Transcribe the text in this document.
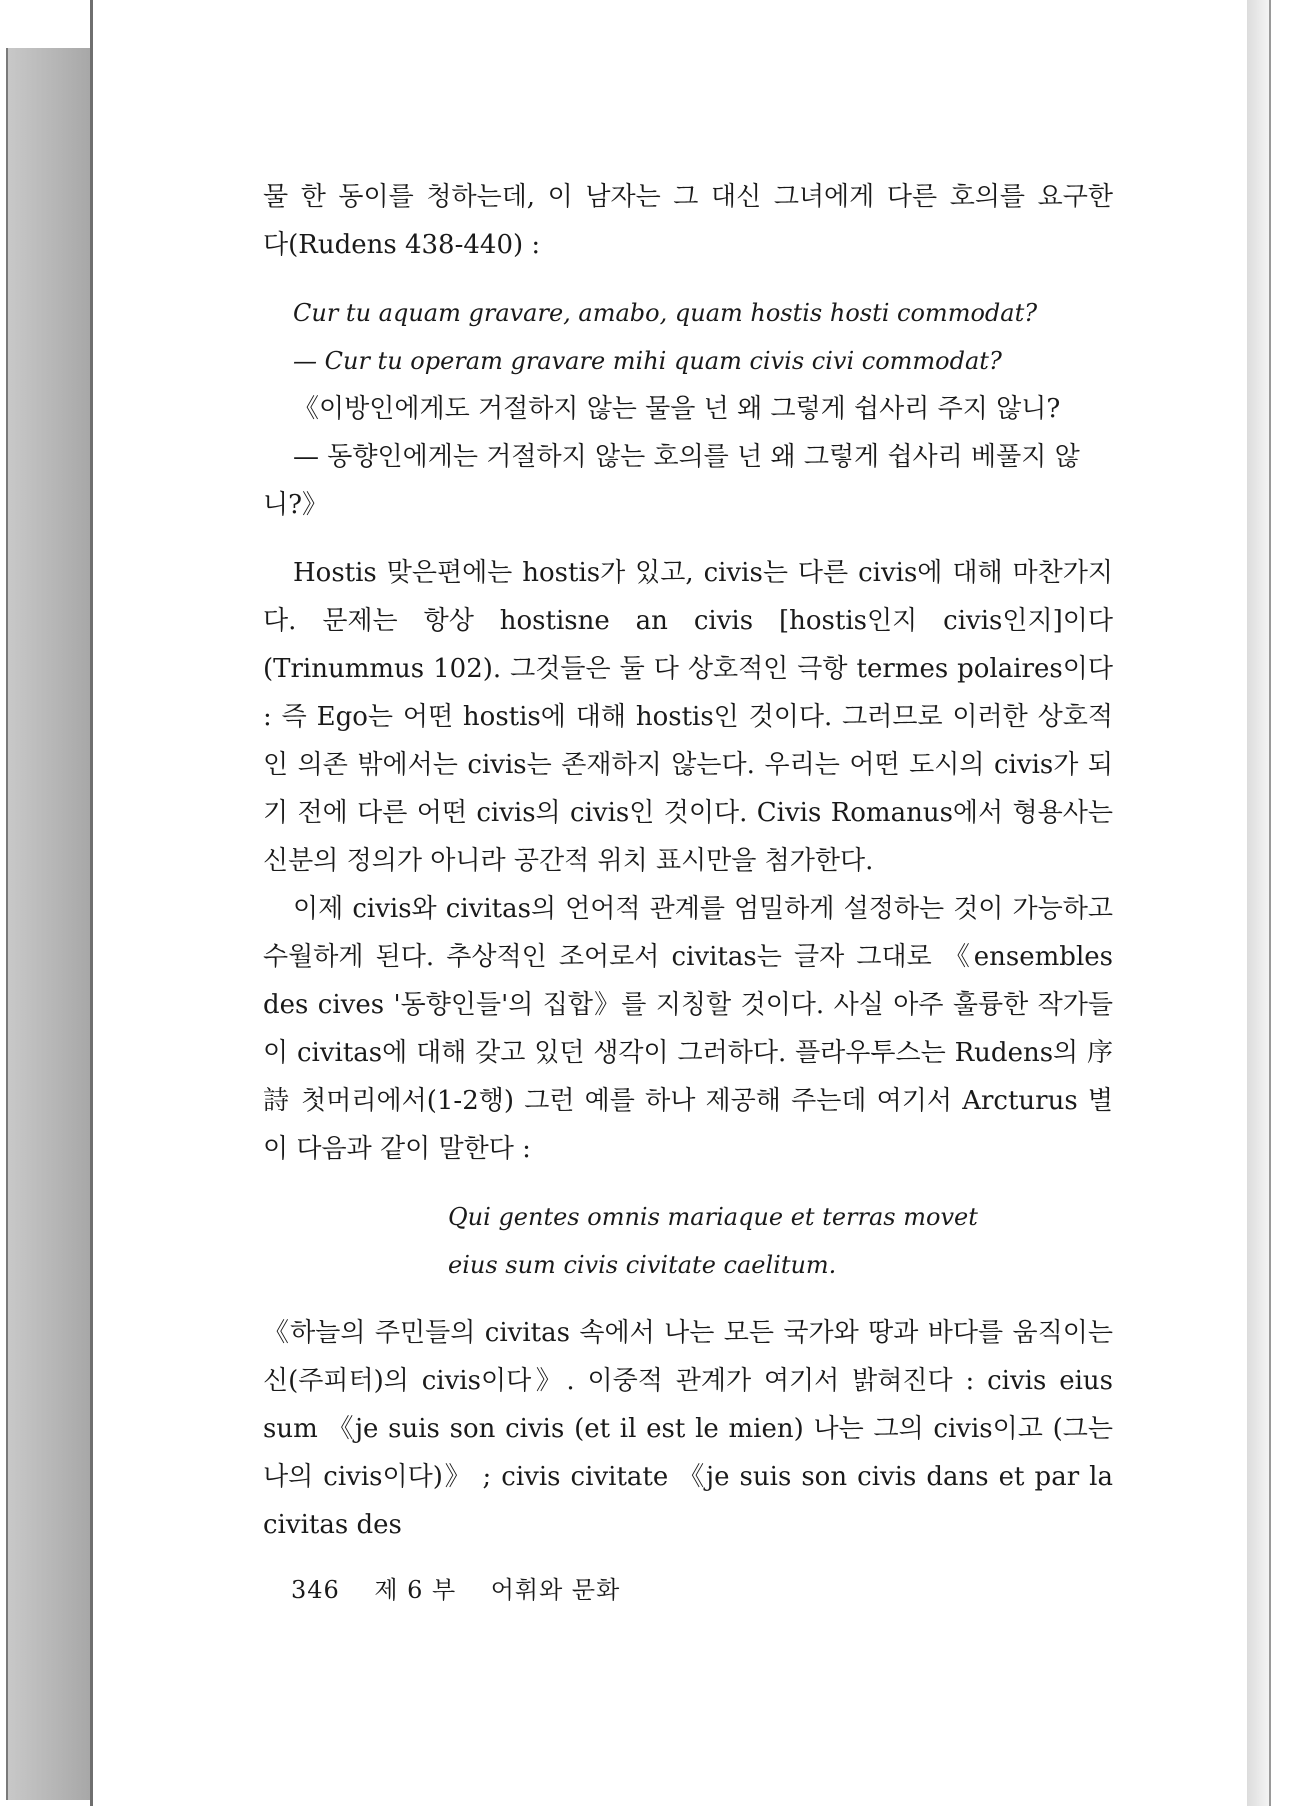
물 한 동이를 청하는데, 이 남자는 그 대신 그녀에게 다른 호의를 요구한

다(Rudens 438-440) :

Cur tu aquam gravare, amabo, quam hostis hosti commodat?

— Cur tu operam gravare mihi quam civis civi commodat?

《이방인에게도 거절하지 않는 물을 넌 왜 그렇게 쉽사리 주지 않니?

— 동향인에게는 거절하지 않는 호의를 넌 왜 그렇게 쉽사리 베풀지 않

니?》

Hostis 맞은편에는 hostis가 있고, civis는 다른 civis에 대해 마찬가지다. 문제는 항상 hostisne an civis [hostis인지 civis인지]이다 (Trinummus 102). 그것들은 둘 다 상호적인 극항 termes polaires이다 : 즉 Ego는 어떤 hostis에 대해 hostis인 것이다. 그러므로 이러한 상호적인 의존 밖에서는 civis는 존재하지 않는다. 우리는 어떤 도시의 civis가 되기 전에 다른 어떤 civis의 civis인 것이다. Civis Romanus에서 형용사는 신분의 정의가 아니라 공간적 위치 표시만을 첨가한다.

이제 civis와 civitas의 언어적 관계를 엄밀하게 설정하는 것이 가능하고 수월하게 된다. 추상적인 조어로서 civitas는 글자 그대로 《ensembles des cives '동향인들'의 집합》를 지칭할 것이다. 사실 아주 훌륭한 작가들이 civitas에 대해 갖고 있던 생각이 그러하다. 플라우투스는 Rudens의 序詩 첫머리에서(1-2행) 그런 예를 하나 제공해 주는데 여기서 Arcturus 별이 다음과 같이 말한다 :

Qui gentes omnis mariaque et terras movet

eius sum civis civitate caelitum.

《하늘의 주민들의 civitas 속에서 나는 모든 국가와 땅과 바다를 움직이는 신(주피터)의 civis이다》. 이중적 관계가 여기서 밝혀진다 : civis eius sum 《je suis son civis (et il est le mien) 나는 그의 civis이고 (그는 나의 civis이다)》 ; civis civitate 《je suis son civis dans et par la civitas des

346 제 6 부 어휘와 문화
